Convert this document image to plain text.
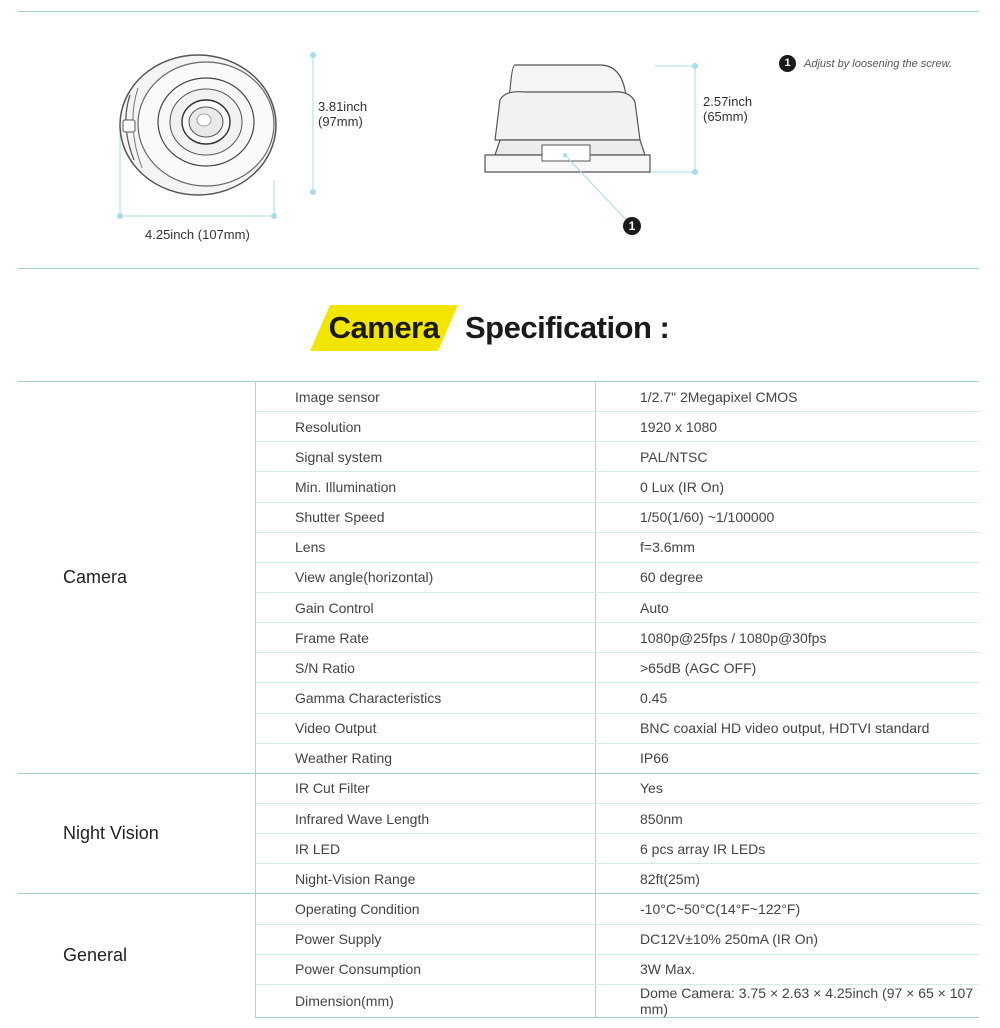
3.81inch
(97mm)
4.25inch (107mm)
2.57inch
(65mm)
1
1	Adjust by loosening the screw.
Camera Specification :
Camera	Image sensor	1/2.7" 2Megapixel CMOS
	Resolution	1920 x 1080
	Signal system	PAL/NTSC
	Min. Illumination	0 Lux (IR On)
	Shutter Speed	1/50(1/60) ~1/100000
	Lens	f=3.6mm
	View angle(horizontal)	60 degree
	Gain Control	Auto
	Frame Rate	1080p@25fps / 1080p@30fps
	S/N Ratio	>65dB (AGC OFF)
	Gamma Characteristics	0.45
	Video Output	BNC coaxial HD video output, HDTVI standard
	Weather Rating	IP66
Night Vision	IR Cut Filter	Yes
	Infrared Wave Length	850nm
	IR LED	6 pcs array IR LEDs
	Night-Vision Range	82ft(25m)
General	Operating Condition	-10°C~50°C(14°F~122°F)
	Power Supply	DC12V±10% 250mA (IR On)
	Power Consumption	3W Max.
	Dimension(mm)	Dome Camera: 3.75 × 2.63 × 4.25inch (97 × 65 × 107 mm)
